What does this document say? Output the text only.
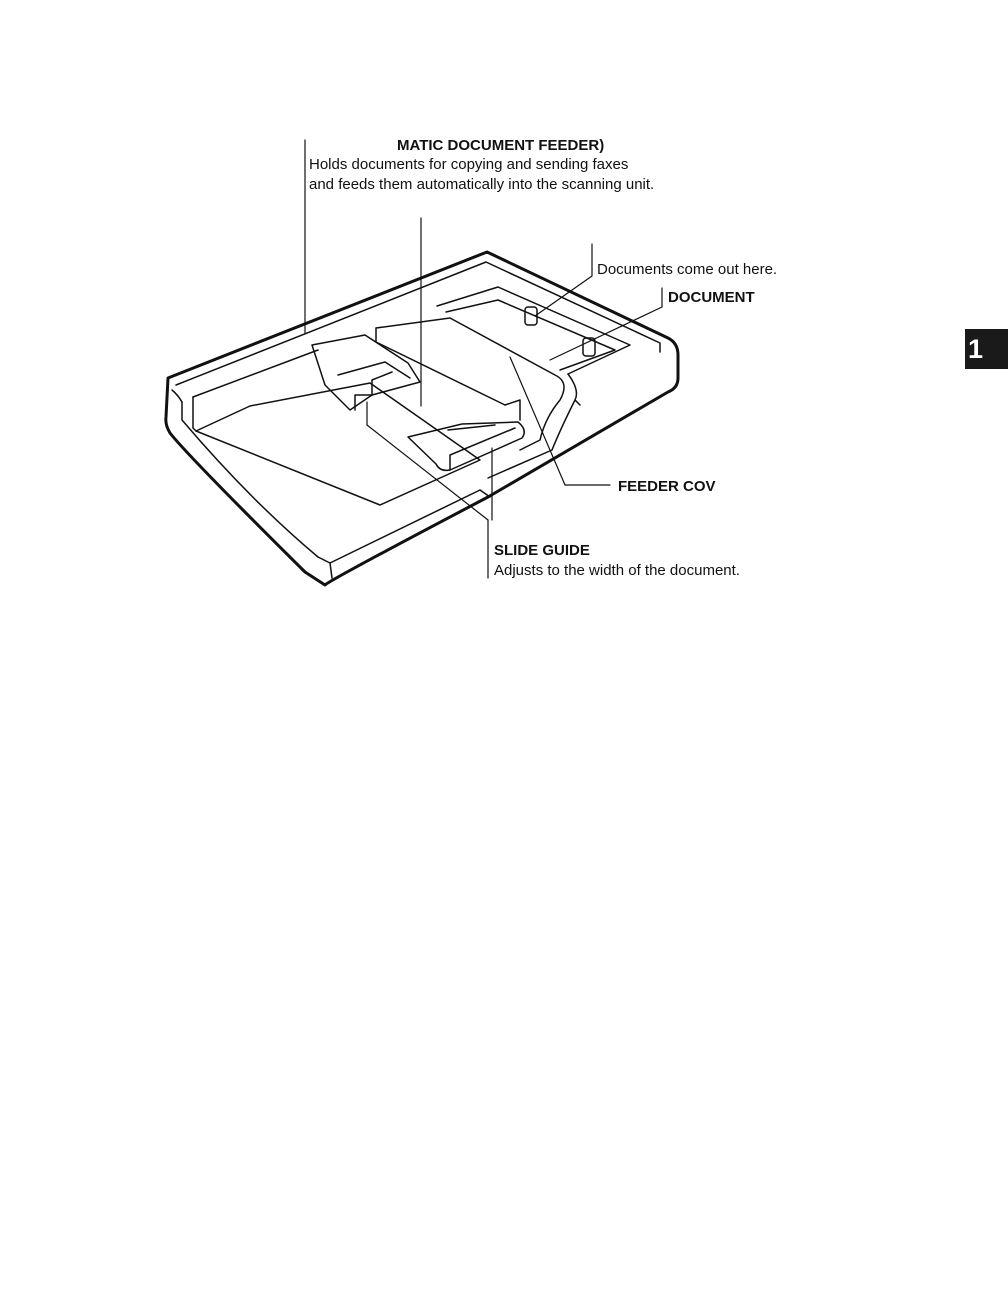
MATIC DOCUMENT FEEDER)
Holds documents for copying and sending faxes
and feeds them automatically into the scanning unit.
Documents come out here.
DOCUMENT
FEEDER COV
SLIDE GUIDE
Adjusts to the width of the document.
1
